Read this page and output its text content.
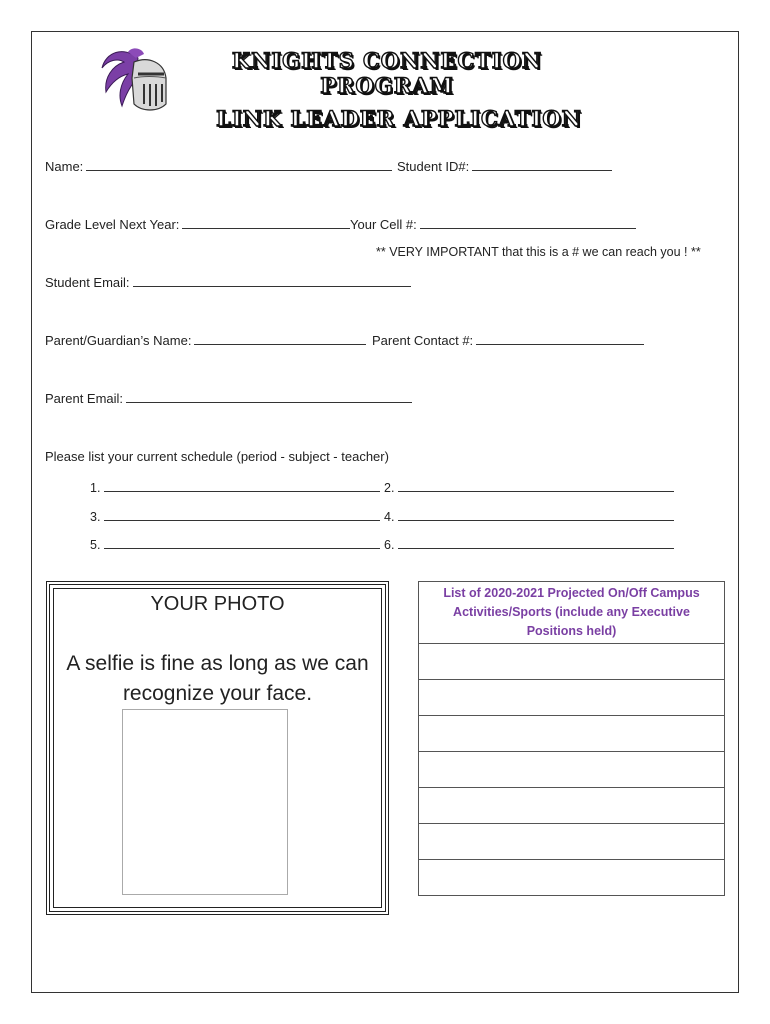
KNIGHTS CONNECTION PROGRAM
LINK LEADER APPLICATION
Name:	Student ID#:
Grade Level Next Year:	Your Cell #:
** VERY IMPORTANT that this is a # we can reach you ! **
Student Email:
Parent/Guardian’s Name:	Parent Contact #:
Parent Email:
Please list your current schedule (period - subject - teacher)
1.	2.
3.	4.
5.	6.
YOUR PHOTO
A selfie is fine as long as we can recognize your face.
List of 2020-2021 Projected On/Off Campus Activities/Sports (include any Executive Positions held)
